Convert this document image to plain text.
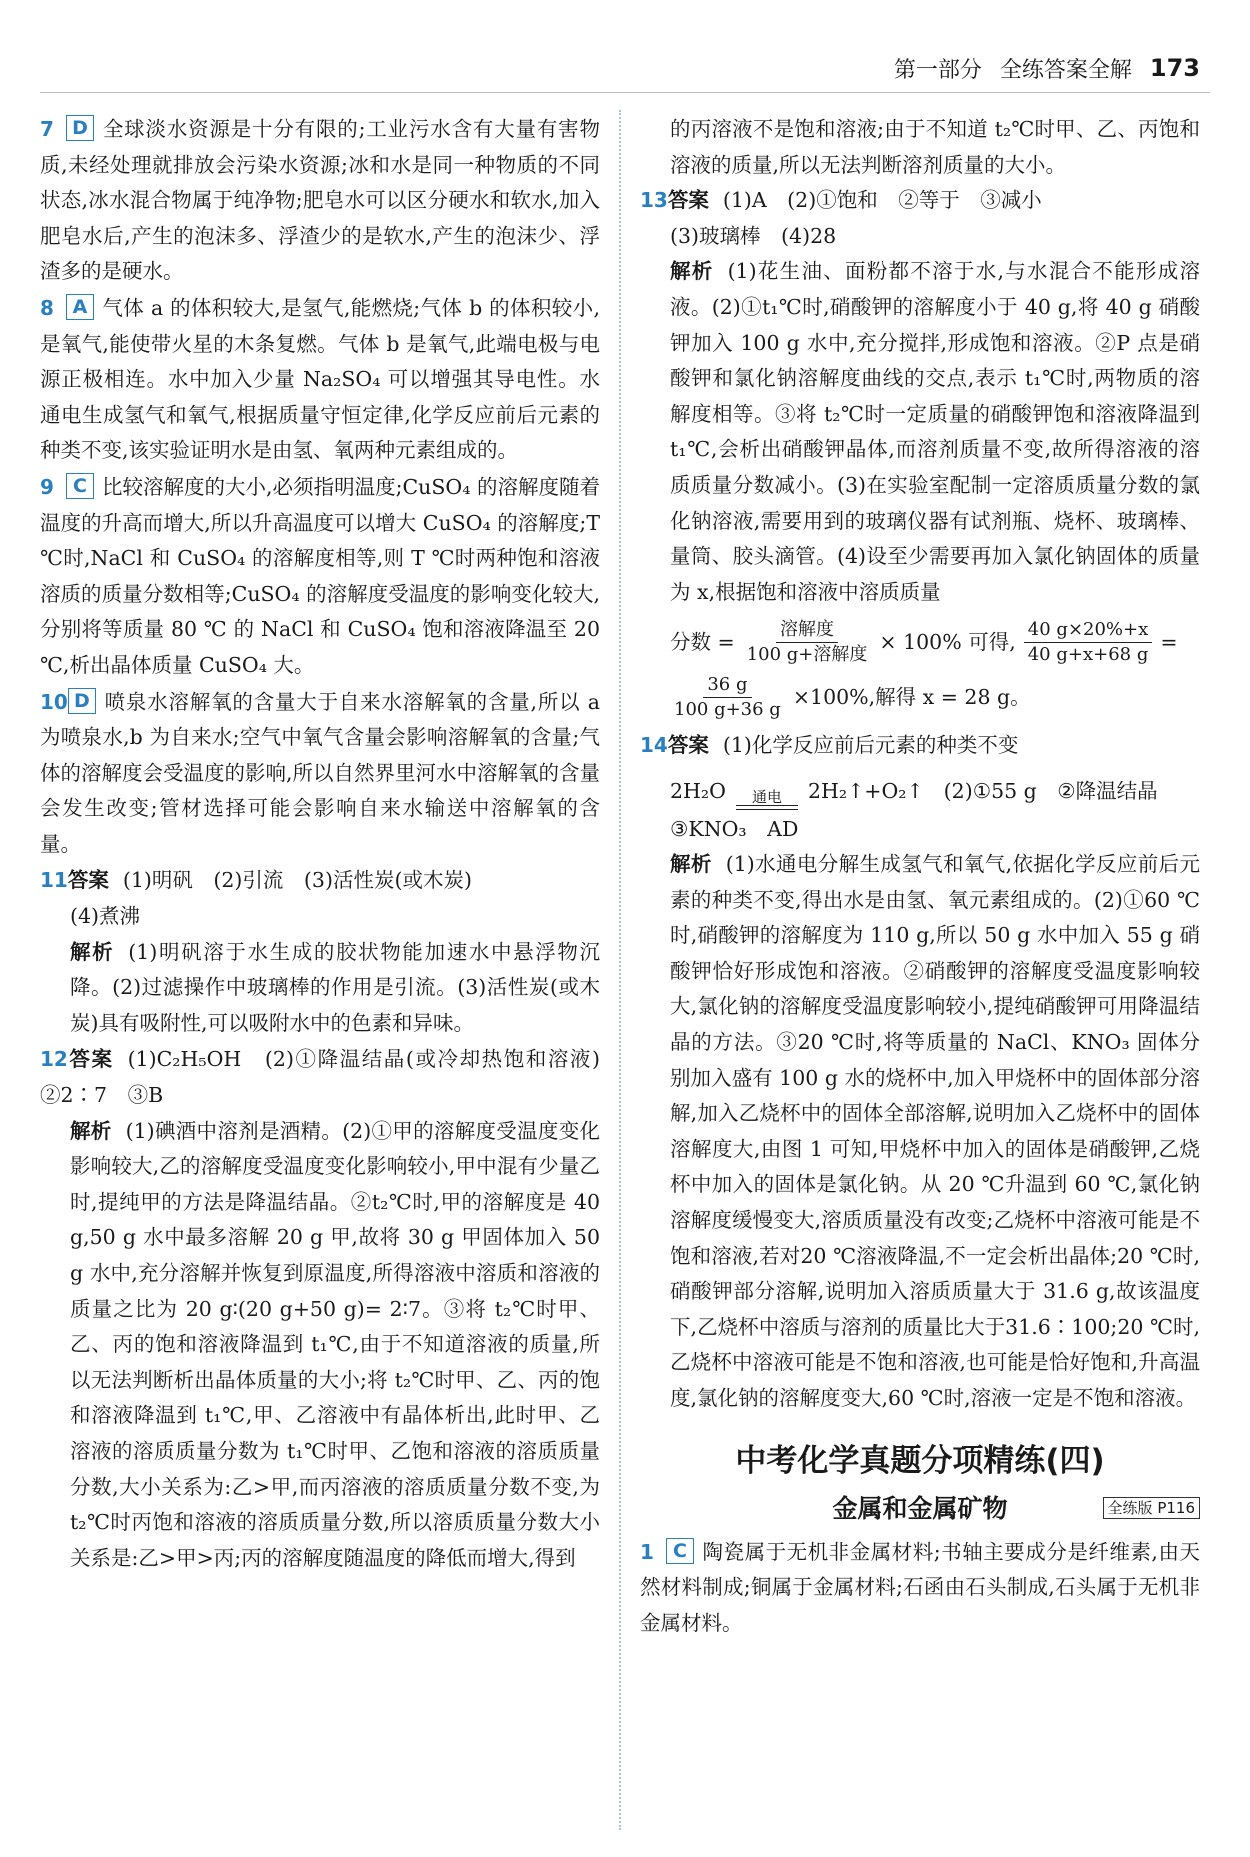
第一部分 全练答案全解 173

7 D 全球淡水资源是十分有限的;工业污水含有大量有害物质,未经处理就排放会污染水资源;冰和水是同一种物质的不同状态,冰水混合物属于纯净物;肥皂水可以区分硬水和软水,加入肥皂水后,产生的泡沫多、浮渣少的是软水,产生的泡沫少、浮渣多的是硬水。

8 A 气体 a 的体积较大,是氢气,能燃烧;气体 b 的体积较小,是氧气,能使带火星的木条复燃。气体 b 是氧气,此端电极与电源正极相连。水中加入少量 Na₂SO₄ 可以增强其导电性。水通电生成氢气和氧气,根据质量守恒定律,化学反应前后元素的种类不变,该实验证明水是由氢、氧两种元素组成的。

9 C 比较溶解度的大小,必须指明温度;CuSO₄ 的溶解度随着温度的升高而增大,所以升高温度可以增大 CuSO₄ 的溶解度;T ℃时,NaCl 和 CuSO₄ 的溶解度相等,则 T ℃时两种饱和溶液溶质的质量分数相等;CuSO₄ 的溶解度受温度的影响变化较大,分别将等质量 80 ℃ 的 NaCl 和 CuSO₄ 饱和溶液降温至 20 ℃,析出晶体质量 CuSO₄ 大。

10 D 喷泉水溶解氧的含量大于自来水溶解氧的含量,所以 a 为喷泉水,b 为自来水;空气中氧气含量会影响溶解氧的含量;气体的溶解度会受温度的影响,所以自然界里河水中溶解氧的含量会发生改变;管材选择可能会影响自来水输送中溶解氧的含量。

11答案 (1)明矾　(2)引流　(3)活性炭(或木炭)

(4)煮沸

解析 (1)明矾溶于水生成的胶状物能加速水中悬浮物沉降。(2)过滤操作中玻璃棒的作用是引流。(3)活性炭(或木炭)具有吸附性,可以吸附水中的色素和异味。

12答案 (1)C₂H₅OH　(2)①降温结晶(或冷却热饱和溶液)　②2∶7　③B

解析 (1)碘酒中溶剂是酒精。(2)①甲的溶解度受温度变化影响较大,乙的溶解度受温度变化影响较小,甲中混有少量乙时,提纯甲的方法是降温结晶。②t₂℃时,甲的溶解度是 40 g,50 g 水中最多溶解 20 g 甲,故将 30 g 甲固体加入 50 g 水中,充分溶解并恢复到原温度,所得溶液中溶质和溶液的质量之比为 20 g∶(20 g+50 g)= 2∶7。③将 t₂℃时甲、乙、丙的饱和溶液降温到 t₁℃,由于不知道溶液的质量,所以无法判断析出晶体质量的大小;将 t₂℃时甲、乙、丙的饱和溶液降温到 t₁℃,甲、乙溶液中有晶体析出,此时甲、乙溶液的溶质质量分数为 t₁℃时甲、乙饱和溶液的溶质质量分数,大小关系为:乙>甲,而丙溶液的溶质质量分数不变,为 t₂℃时丙饱和溶液的溶质质量分数,所以溶质质量分数大小关系是:乙>甲>丙;丙的溶解度随温度的降低而增大,得到

的丙溶液不是饱和溶液;由于不知道 t₂℃时甲、乙、丙饱和溶液的质量,所以无法判断溶剂质量的大小。

13答案 (1)A　(2)①饱和　②等于　③减小

(3)玻璃棒　(4)28

解析 (1)花生油、面粉都不溶于水,与水混合不能形成溶液。(2)①t₁℃时,硝酸钾的溶解度小于 40 g,将 40 g 硝酸钾加入 100 g 水中,充分搅拌,形成饱和溶液。②P 点是硝酸钾和氯化钠溶解度曲线的交点,表示 t₁℃时,两物质的溶解度相等。③将 t₂℃时一定质量的硝酸钾饱和溶液降温到 t₁℃,会析出硝酸钾晶体,而溶剂质量不变,故所得溶液的溶质质量分数减小。(3)在实验室配制一定溶质质量分数的氯化钠溶液,需要用到的玻璃仪器有试剂瓶、烧杯、玻璃棒、量筒、胶头滴管。(4)设至少需要再加入氯化钠固体的质量为 x,根据饱和溶液中溶质质量

分数 = $\frac{\text{溶解度}}{\text{100 g+溶解度}} \times 100\%$ 可得, $\frac{40 g\times 20\%+x}{40 g+x+68 g}$ =
$\frac{36 g}{100 g+36 g} \times 100\%$,解得 x = 28 g。

14答案 (1)化学反应前后元素的种类不变

2H₂O	通电 2H₂↑+O₂↑ (2)①55 g　②降温结晶

③KNO₃　AD

解析 (1)水通电分解生成氢气和氧气,依据化学反应前后元素的种类不变,得出水是由氢、氧元素组成的。(2)①60 ℃时,硝酸钾的溶解度为 110 g,所以 50 g 水中加入 55 g 硝酸钾恰好形成饱和溶液。②硝酸钾的溶解度受温度影响较大,氯化钠的溶解度受温度影响较小,提纯硝酸钾可用降温结晶的方法。③20 ℃时,将等质量的 NaCl、KNO₃ 固体分别加入盛有 100 g 水的烧杯中,加入甲烧杯中的固体部分溶解,加入乙烧杯中的固体全部溶解,说明加入乙烧杯中的固体溶解度大,由图 1 可知,甲烧杯中加入的固体是硝酸钾,乙烧杯中加入的固体是氯化钠。从 20 ℃升温到 60 ℃,氯化钠溶解度缓慢变大,溶质质量没有改变;乙烧杯中溶液可能是不饱和溶液,若对20 ℃溶液降温,不一定会析出晶体;20 ℃时,硝酸钾部分溶解,说明加入溶质质量大于 31.6 g,故该温度下,乙烧杯中溶质与溶剂的质量比大于31.6∶100;20 ℃时,乙烧杯中溶液可能是不饱和溶液,也可能是恰好饱和,升高温度,氯化钠的溶解度变大,60 ℃时,溶液一定是不饱和溶液。

中考化学真题分项精练(四)
金属和金属矿物	全练版 P116

1 C 陶瓷属于无机非金属材料;书轴主要成分是纤维素,由天然材料制成;铜属于金属材料;石函由石头制成,石头属于无机非金属材料。
